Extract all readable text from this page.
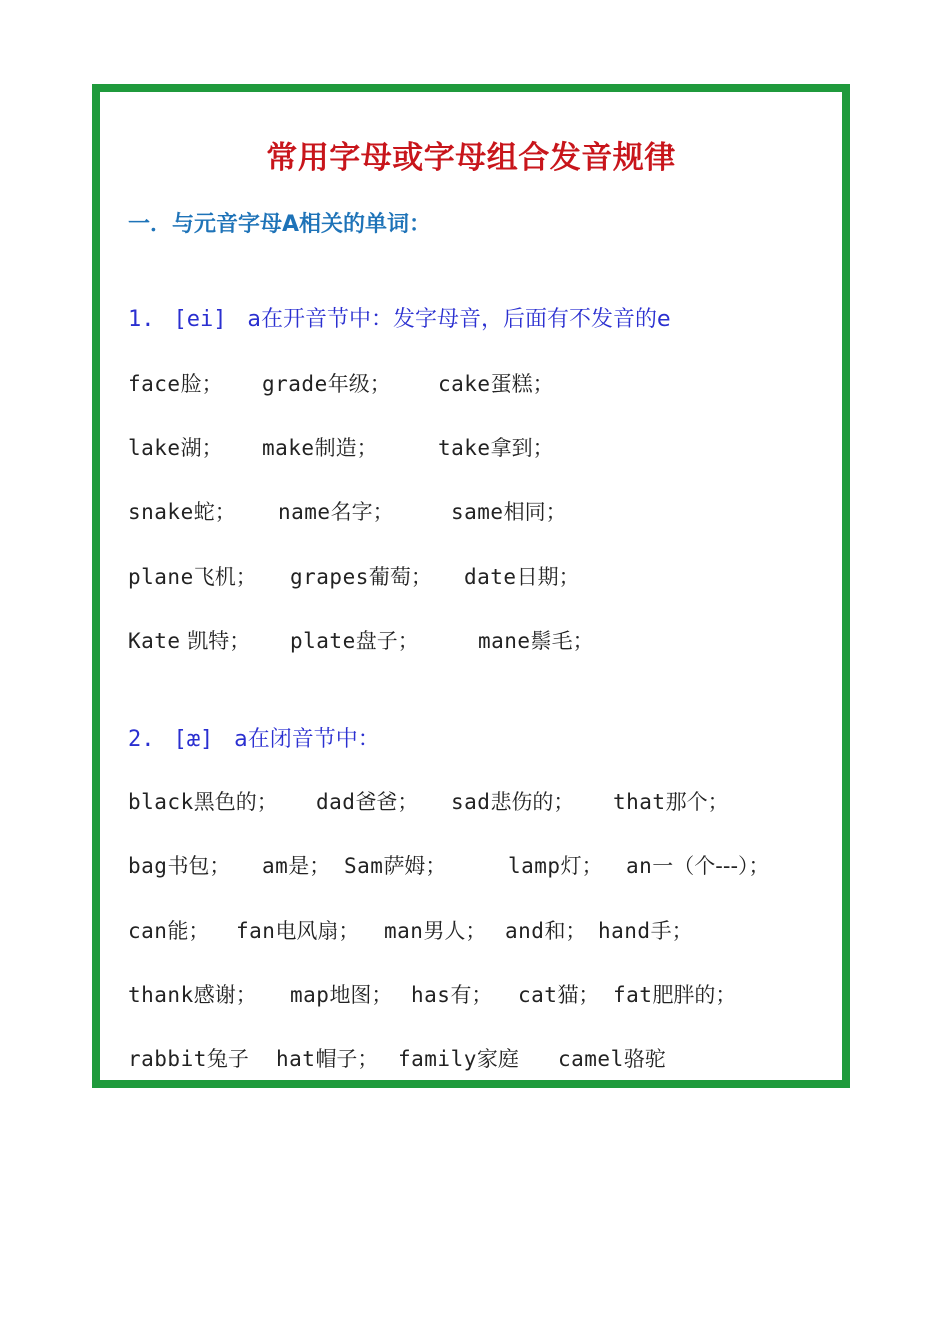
常用字母或字母组合发音规律
一．与元音字母A相关的单词：
1. [ei] a在开音节中：发字母音，后面有不发音的e
face脸； grade年级； cake蛋糕；
lake湖； make制造；	take拿到；
snake蛇； name名字；	same相同；
plane飞机； grapes葡萄； date日期；
Kate 凯特； plate盘子；	mane鬃毛；
2. [æ] a在闭音节中：
black黑色的； dad爸爸； sad悲伤的； that那个；
bag书包； am是； Sam萨姆；	lamp灯； an一（个---）；
can能； fan电风扇； man男人； and和； hand手；
thank感谢； map地图； has有； cat猫； fat肥胖的；
rabbit兔子 hat帽子； family家庭 camel骆驼
